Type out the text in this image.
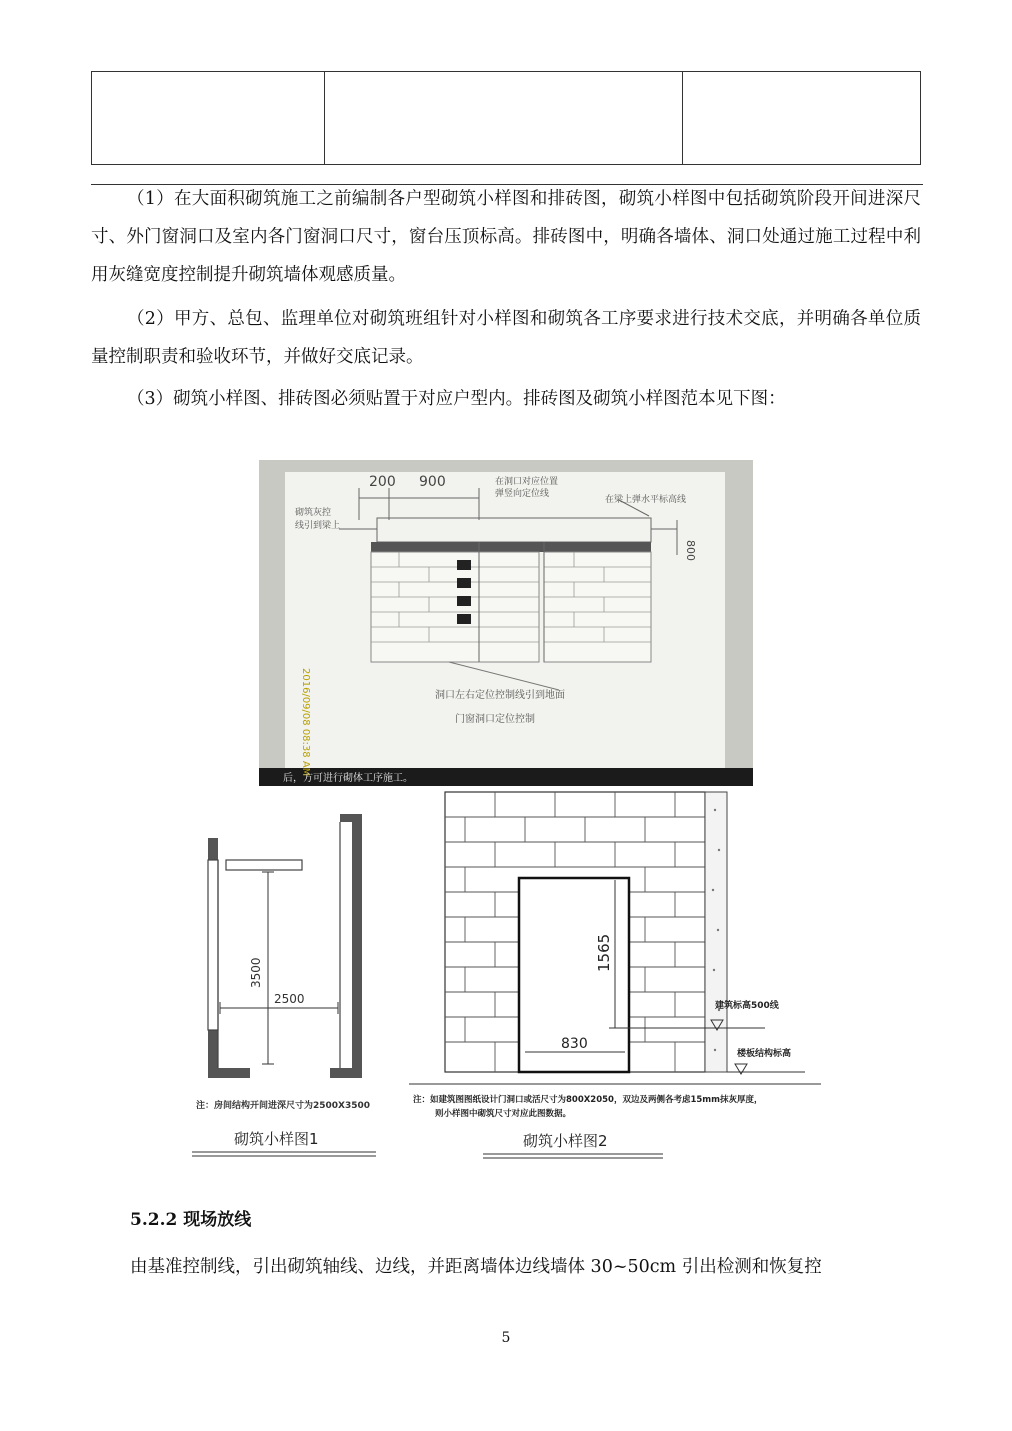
（1）在大面积砌筑施工之前编制各户型砌筑小样图和排砖图，砌筑小样图中包括砌筑阶段开间进深尺寸、外门窗洞口及室内各门窗洞口尺寸，窗台压顶标高。排砖图中，明确各墙体、洞口处通过施工过程中利用灰缝宽度控制提升砌筑墙体观感质量。

（2）甲方、总包、监理单位对砌筑班组针对小样图和砌筑各工序要求进行技术交底，并明确各单位质量控制职责和验收环节，并做好交底记录。

（3）砌筑小样图、排砖图必须贴置于对应户型内。排砖图及砌筑小样图范本见下图：

200 900
砌筑灰控
线引到梁上
在洞口对应位置
弹竖向定位线
在梁上弹水平标高线
800
洞口左右定位控制线引到地面
门窗洞口定位控制
2016/09/08 08:38 AM
后，方可进行砌体工序施工。
3500
2500
注：房间结构开间进深尺寸为2500X3500
砌筑小样图1
1565
830
建筑标高500线
楼板结构标高
注：如建筑图图纸设计门洞口或活尺寸为800X2050，双边及两侧各考虑15mm抹灰厚度，
则小样图中砌筑尺寸对应此图数据。
砌筑小样图2

5.2.2 现场放线

由基准控制线，引出砌筑轴线、边线，并距离墙体边线墙体 30~50cm 引出检测和恢复控

5
